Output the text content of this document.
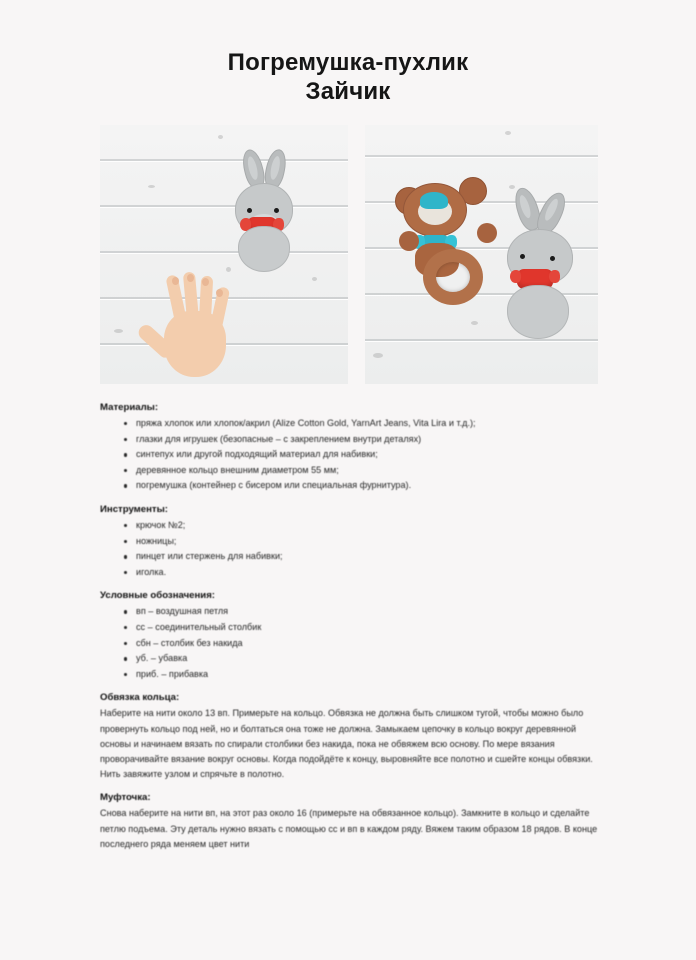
Погремушка-пухлик
Зайчик
Материалы:
пряжа хлопок или хлопок/акрил (Alize Cotton Gold, YarnArt Jeans, Vita Lira и т.д.);
глазки для игрушек (безопасные – с закреплением внутри деталях)
синтепух или другой подходящий материал для набивки;
деревянное кольцо внешним диаметром 55 мм;
погремушка (контейнер с бисером или специальная фурнитура).
Инструменты:
крючок №2;
ножницы;
пинцет или стержень для набивки;
иголка.
Условные обозначения:
вп – воздушная петля
сс – соединительный столбик
сбн – столбик без накида
уб. – убавка
приб. – прибавка
Обвязка кольца:

Наберите на нити около 13 вп. Примерьте на кольцо. Обвязка не должна быть слишком тугой, чтобы можно было провернуть кольцо под ней, но и болтаться она тоже не должна. Замыкаем цепочку в кольцо вокруг деревянной основы и начинаем вязать по спирали столбики без накида, пока не обвяжем всю основу. По мере вязания проворачивайте вязание вокруг основы. Когда подойдёте к концу, выровняйте все полотно и сшейте концы обвязки. Нить завяжите узлом и спрячьте в полотно.

Муфточка:

Снова наберите на нити вп, на этот раз около 16 (примерьте на обвязанное кольцо). Замкните в кольцо и сделайте петлю подъема. Эту деталь нужно вязать с помощью сс и вп в каждом ряду. Вяжем таким образом 18 рядов. В конце последнего ряда меняем цвет нити
